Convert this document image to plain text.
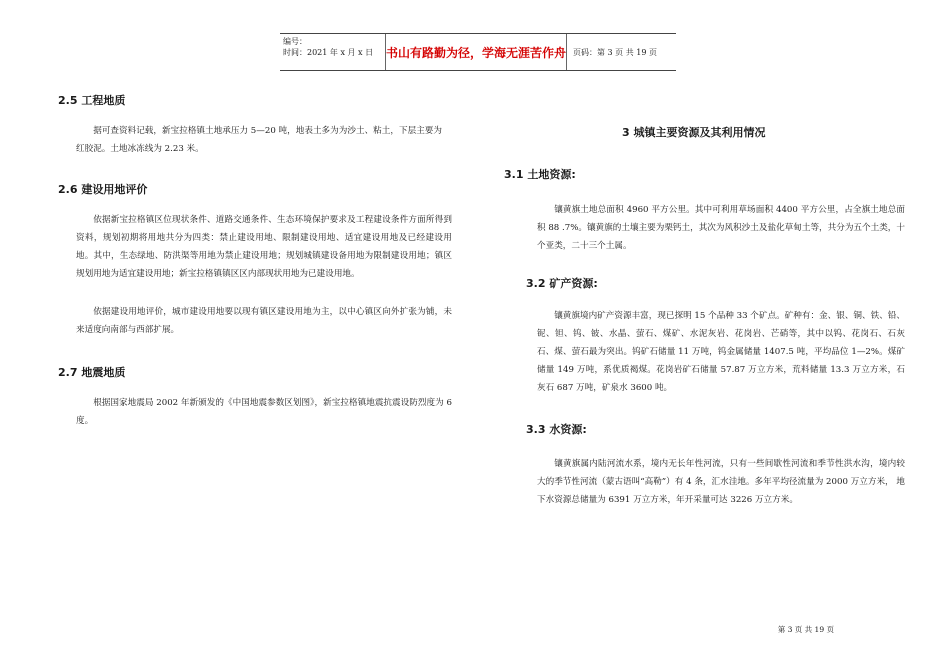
编号：
时间：2021 年 x 月 x 日	书山有路勤为径，学海无涯苦作舟 页码：第 3 页 共 19 页
2.5 工程地质

据可查资料记载，新宝拉格镇土地承压力 5—20 吨，地表土多为为沙土、粘土，下层主要为红胶泥。土地冰冻线为 2.23 米。

2.6 建设用地评价

依据新宝拉格镇区位现状条件、道路交通条件、生态环境保护要求及工程建设条件方面所得到资料，规划初期将用地共分为四类：禁止建设用地、限制建设用地、适宜建设用地及已经建设用地。其中，生态绿地、防洪渠等用地为禁止建设用地；规划城镇建设备用地为限制建设用地；镇区规划用地为适宜建设用地；新宝拉格镇镇区区内部现状用地为已建设用地。

依据建设用地评价，城市建设用地要以现有镇区建设用地为主，以中心镇区向外扩张为铺，未来适度向南部与西部扩展。

2.7 地震地质

根据国家地震局 2002 年新颁发的《中国地震参数区划图》，新宝拉格镇地震抗震设防烈度为 6 度。

3 城镇主要资源及其利用情况
3.1 土地资源:

镶黄旗土地总面积 4960 平方公里。其中可利用草场面积 4400 平方公里，占全旗土地总面积 88 .7%。镶黄旗的土壤主要为栗钙土，其次为风积沙土及盐化草甸土等，共分为五个土类，十个亚类，二十三个土属。

3.2 矿产资源:

镶黄旗境内矿产资源丰富，现已探明 15 个品种 33 个矿点。矿种有：金、银、铜、铁、铅、铌、钽、钨、铍、水晶、萤石、煤矿、水泥灰岩、花岗岩、芒硝等，其中以钨、花岗石、石灰石、煤、萤石最为突出。钨矿石储量 11 万吨，钨金属储量 1407.5 吨，平均品位 1—2%。煤矿储量 149 万吨，系优质褐煤。花岗岩矿石储量 57.87 万立方米，荒料储量 13.3 万立方米，石灰石 687 万吨，矿泉水 3600 吨。

3.3 水资源:

镶黄旗属内陆河流水系，境内无长年性河流，只有一些间歇性河流和季节性洪水沟，境内较大的季节性河流（蒙古语叫“高勒”）有 4 条，汇水洼地。多年平均径流量为 2000 万立方米， 地下水资源总储量为 6391 万立方米，年开采量可达 3226 万立方米。

第 3 页 共 19 页
